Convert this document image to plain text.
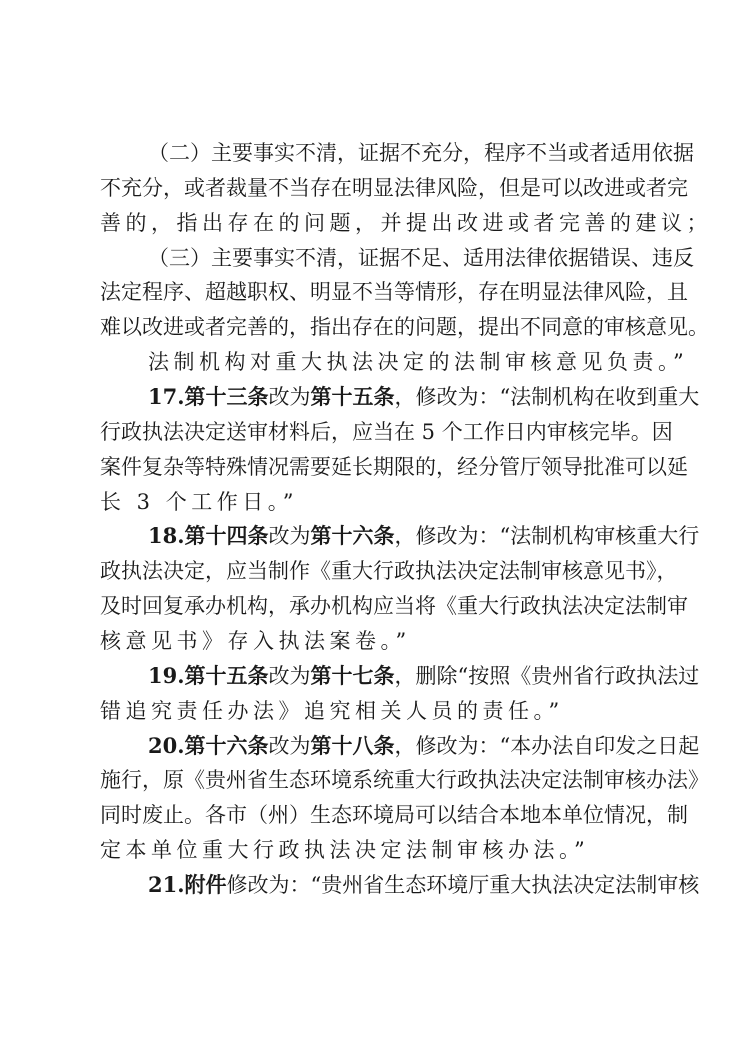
（二）主要事实不清，证据不充分，程序不当或者适用依据
不充分，或者裁量不当存在明显法律风险，但是可以改进或者完
善的，指出存在的问题，并提出改进或者完善的建议；
（三）主要事实不清，证据不足、适用法律依据错误、违反
法定程序、超越职权、明显不当等情形，存在明显法律风险，且
难以改进或者完善的，指出存在的问题，提出不同意的审核意见。
法制机构对重大执法决定的法制审核意见负责。”
17.第十三条改为第十五条，修改为：“法制机构在收到重大
行政执法决定送审材料后，应当在 5 个工作日内审核完毕。因
案件复杂等特殊情况需要延长期限的，经分管厅领导批准可以延
长 3 个工作日。”
18.第十四条改为第十六条，修改为：“法制机构审核重大行
政执法决定，应当制作《重大行政执法决定法制审核意见书》，
及时回复承办机构，承办机构应当将《重大行政执法决定法制审
核意见书》存入执法案卷。”
19.第十五条改为第十七条，删除“按照《贵州省行政执法过
错追究责任办法》追究相关人员的责任。”
20.第十六条改为第十八条，修改为：“本办法自印发之日起
施行，原《贵州省生态环境系统重大行政执法决定法制审核办法》
同时废止。各市（州）生态环境局可以结合本地本单位情况，制
定本单位重大行政执法决定法制审核办法。”
21.附件修改为：“贵州省生态环境厅重大执法决定法制审核
